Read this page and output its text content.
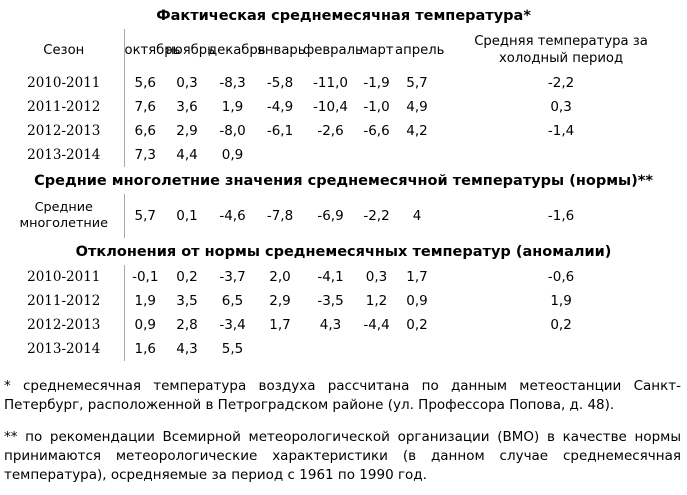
Фактическая среднемесячная температура*								
Сезон	октябрь	ноябрь	декабрь	январь	февраль	март	апрель	Средняя температура за холодный период
2010-2011	5,6	0,3	-8,3	-5,8	-11,0	-1,9	5,7	-2,2
2011-2012	7,6	3,6	1,9	-4,9	-10,4	-1,0	4,9	0,3
2012-2013	6,6	2,9	-8,0	-6,1	-2,6	-6,6	4,2	-1,4
2013-2014	7,3	4,4	0,9					
Средние многолетние значения среднемесячной температуры (нормы)**								
Средние многолетние	5,7	0,1	-4,6	-7,8	-6,9	-2,2	4	-1,6
Отклонения от нормы среднемесячных температур (аномалии)								
2010-2011	-0,1	0,2	-3,7	2,0	-4,1	0,3	1,7	-0,6
2011-2012	1,9	3,5	6,5	2,9	-3,5	1,2	0,9	1,9
2012-2013	0,9	2,8	-3,4	1,7	4,3	-4,4	0,2	0,2
2013-2014	1,6	4,3	5,5					

* среднемесячная температура воздуха рассчитана по данным метеостанции Санкт-Петербург, расположенной в Петроградском районе (ул. Профессора Попова, д. 48).

** по рекомендации Всемирной метеорологической организации (ВМО) в качестве нормы принимаются метеорологические характеристики (в данном случае среднемесячная температура), осредняемые за период с 1961 по 1990 год.
